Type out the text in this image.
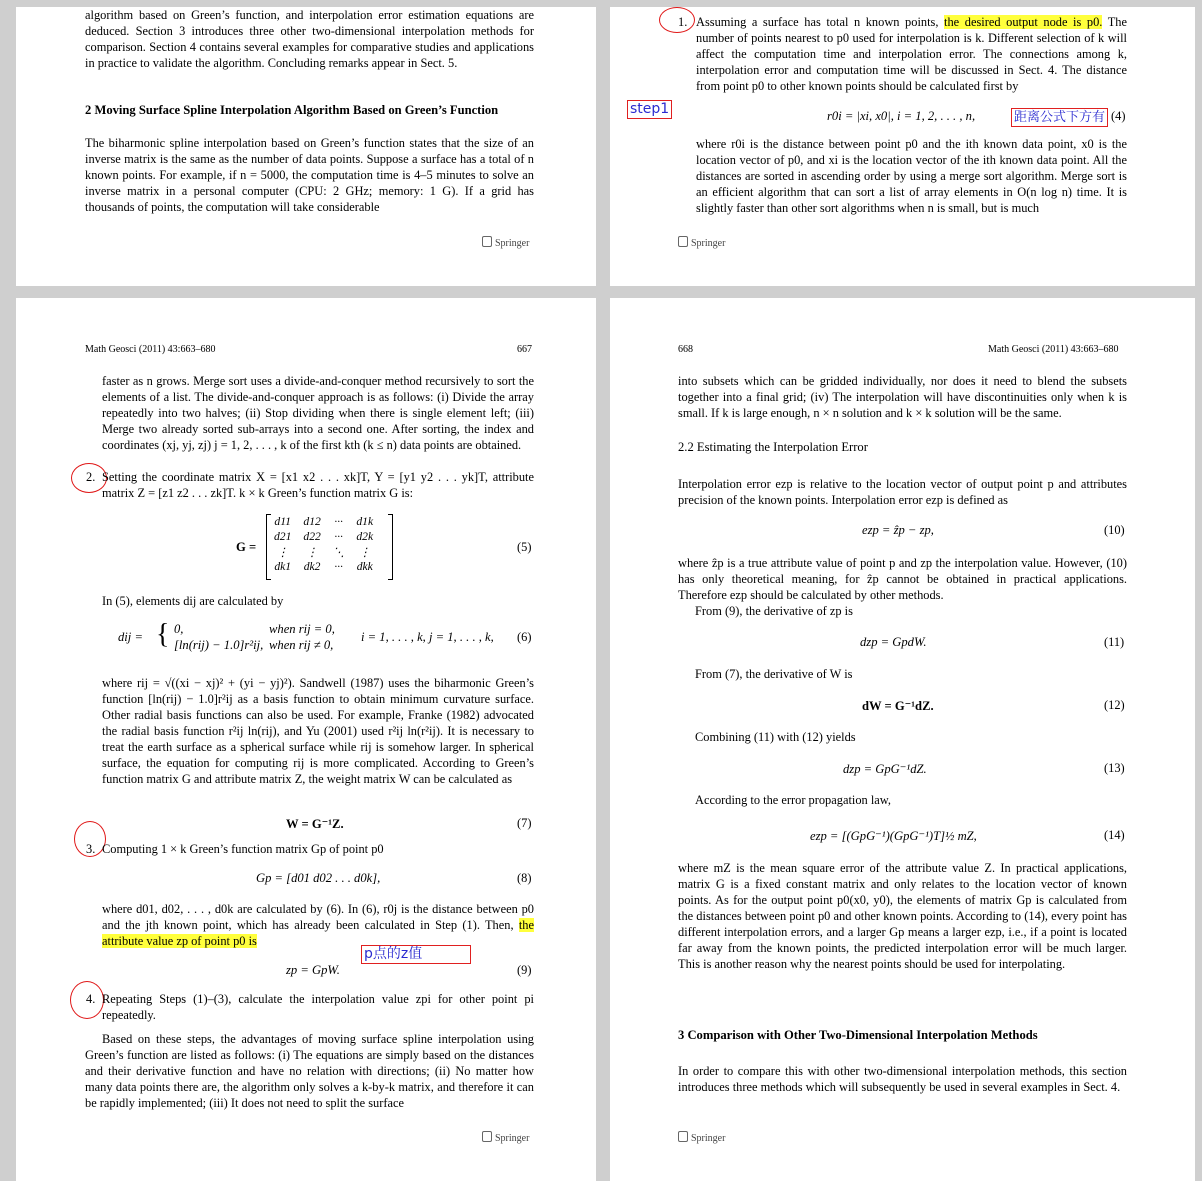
algorithm based on Green’s function, and interpolation error estimation equations are deduced. Section 3 introduces three other two-dimensional interpolation methods for comparison. Section 4 contains several examples for comparative studies and applications in practice to validate the algorithm. Concluding remarks appear in Sect. 5.
2 Moving Surface Spline Interpolation Algorithm Based on Green’s Function
The biharmonic spline interpolation based on Green’s function states that the size of an inverse matrix is the same as the number of data points. Suppose a surface has a total of n known points. For example, if n = 5000, the computation time is 4–5 minutes to solve an inverse matrix in a personal computer (CPU: 2 GHz; memory: 1 G). If a grid has thousands of points, the computation will take considerable
Springer
1. Assuming a surface has total n known points, the desired output node is p0. The number of points nearest to p0 used for interpolation is k. Different selection of k will affect the computation time and interpolation error. The connections among k, interpolation error and computation time will be discussed in Sect. 4. The distance from point p0 to other known points should be calculated first by
step1	r0i = |xi, x0|, i = 1, 2, . . . , n,	距离公式下方有 (4)
where r0i is the distance between point p0 and the ith known data point, x0 is the location vector of p0, and xi is the location vector of the ith known data point. All the distances are sorted in ascending order by using a merge sort algorithm. Merge sort is an efficient algorithm that can sort a list of array elements in O(n log n) time. It is slightly faster than other sort algorithms when n is small, but is much
Springer
Math Geosci (2011) 43:663–680	667
faster as n grows. Merge sort uses a divide-and-conquer method recursively to sort the elements of a list. The divide-and-conquer approach is as follows: (i) Divide the array repeatedly into two halves; (ii) Stop dividing when there is single element left; (iii) Merge two already sorted sub-arrays into a second one. After sorting, the index and coordinates (xj, yj, zj) j = 1, 2, . . . , k of the first kth (k ≤ n) data points are obtained.
2. Setting the coordinate matrix X = [x1 x2 . . . xk]T, Y = [y1 y2 . . . yk]T, attribute matrix Z = [z1 z2 . . . zk]T. k × k Green’s function matrix G is:
G =
d11	d12	···	d1k
d21	d22	···	d2k
⋮	⋮	⋱	⋮
dk1	dk2	···	dkk
(5)
In (5), elements dij are calculated by
dij = { 0,	when rij = 0,
[ln(rij) − 1.0]r²ij, when rij ≠ 0,
i = 1, . . . , k, j = 1, . . . , k, (6)
where rij = √((xi − xj)² + (yi − yj)²). Sandwell (1987) uses the biharmonic Green’s function [ln(rij) − 1.0]r²ij as a basis function to obtain minimum curvature surface. Other radial basis functions can also be used. For example, Franke (1982) advocated the radial basis function r²ij ln(rij), and Yu (2001) used r²ij ln(r²ij). It is necessary to treat the earth surface as a spherical surface while rij is somehow larger. In spherical surface, the equation for computing rij is more complicated. According to Green’s function matrix G and attribute matrix Z, the weight matrix W can be calculated as
W = G⁻¹Z.	(7)
3. Computing 1 × k Green’s function matrix Gp of point p0
Gp = [d01 d02 . . . d0k],	(8)
where d01, d02, . . . , d0k are calculated by (6). In (6), r0j is the distance between p0 and the jth known point, which has already been calculated in Step (1). Then, the attribute value zp of point p0 is
p点的z值
zp = GpW.	(9)
4. Repeating Steps (1)–(3), calculate the interpolation value zpi for other point pi repeatedly.
Based on these steps, the advantages of moving surface spline interpolation using Green’s function are listed as follows: (i) The equations are simply based on the distances and their derivative function and have no relation with directions; (ii) No matter how many data points there are, the algorithm only solves a k-by-k matrix, and therefore it can be rapidly implemented; (iii) It does not need to split the surface
Springer
668	Math Geosci (2011) 43:663–680
into subsets which can be gridded individually, nor does it need to blend the subsets together into a final grid; (iv) The interpolation will have discontinuities only when k is small. If k is large enough, n × n solution and k × k solution will be the same.
2.2 Estimating the Interpolation Error
Interpolation error ezp is relative to the location vector of output point p and attributes precision of the known points. Interpolation error ezp is defined as
ezp = ẑp − zp,	(10)
where ẑp is a true attribute value of point p and zp the interpolation value. However, (10) has only theoretical meaning, for ẑp cannot be obtained in practical applications. Therefore ezp should be calculated by other methods.
From (9), the derivative of zp is
dzp = GpdW.	(11)
From (7), the derivative of W is
dW = G⁻¹dZ.	(12)
Combining (11) with (12) yields
dzp = GpG⁻¹dZ.	(13)
According to the error propagation law,
ezp = [(GpG⁻¹)(GpG⁻¹)T]½ mZ,	(14)
where mZ is the mean square error of the attribute value Z. In practical applications, matrix G is a fixed constant matrix and only relates to the location vector of known points. As for the output point p0(x0, y0), the elements of matrix Gp is calculated from the distances between point p0 and other known points. According to (14), every point has different interpolation errors, and a larger Gp means a larger ezp, i.e., if a point is located far away from the known points, the predicted interpolation error will be much larger. This is another reason why the nearest points should be used for interpolating.
3 Comparison with Other Two-Dimensional Interpolation Methods
In order to compare this with other two-dimensional interpolation methods, this section introduces three methods which will subsequently be used in several examples in Sect. 4.
Springer
